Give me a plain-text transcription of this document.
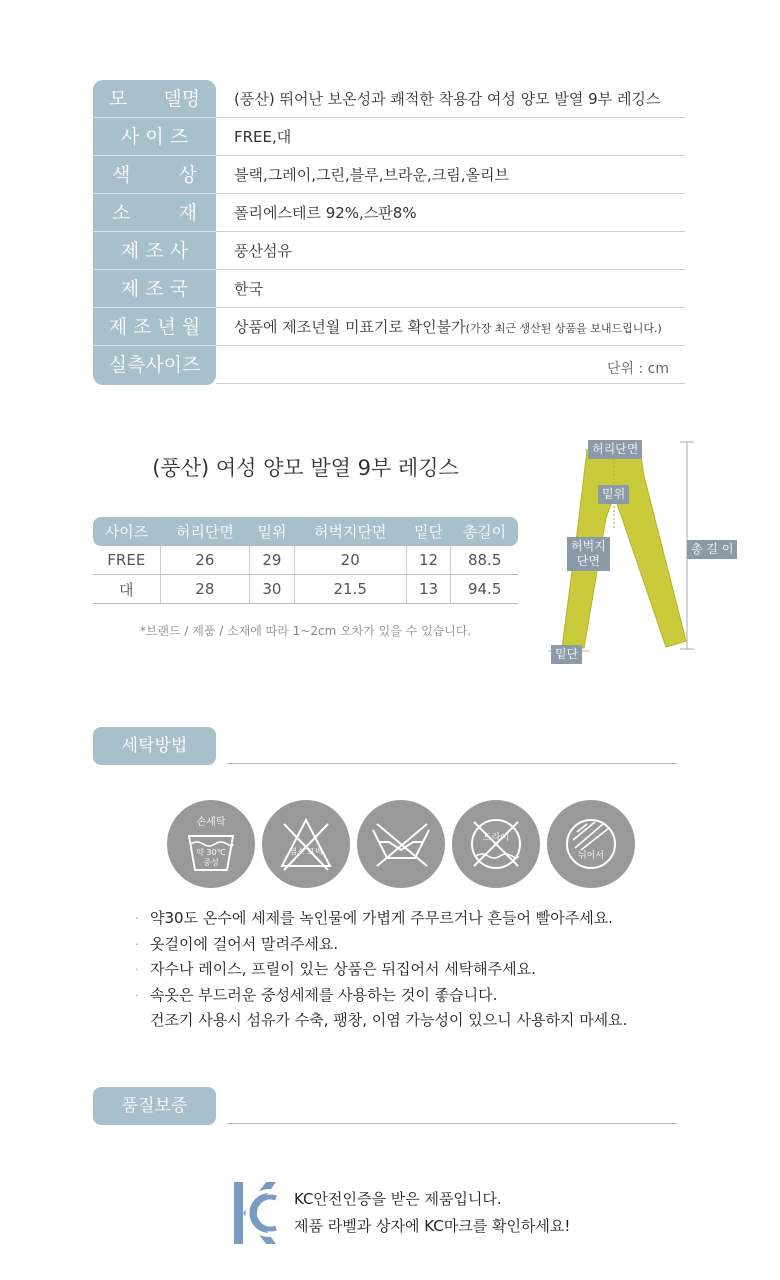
모      델명	(풍산) 뛰어난 보온성과 쾌적한 착용감 여성 양모 발열 9부 레깅스
사 이 즈	FREE,대
색        상	블랙,그레이,그린,블루,브라운,크림,올리브
소        재	폴리에스테르 92%,스판8%
제 조 사	풍산섬유
제 조 국	한국
제 조 년 월	상품에 제조년월 미표기로 확인불가(가장 최근 생산된 상품을 보내드립니다.)
실측사이즈	단위 : cm
(풍산) 여성 양모 발열 9부 레깅스
사이즈	허리단면	밑위	허벅지단면	밑단	총길이
FREE	26	29	20	12	88.5
대	28	30	21.5	13	94.5
*브랜드 / 제품 / 소재에 따라 1~2cm 오차가 있을 수 있습니다.
허리단면
밑위
허벅지
단면
밑단
총 길 이
세탁방법
손세탁
약 30℃
중성
염소 표백
드라이
뉘어서
· 약30도 온수에 세제를 녹인물에 가볍게 주무르거나 흔들어 빨아주세요.
· 옷걸이에 걸어서 말려주세요.
· 자수나 레이스, 프릴이 있는 상품은 뒤집어서 세탁해주세요.
· 속옷은 부드러운 중성세제를 사용하는 것이 좋습니다.
건조기 사용시 섬유가 수축, 팽창, 이염 가능성이 있으니 사용하지 마세요.
품질보증
KC안전인증을 받은 제품입니다.
제품 라벨과 상자에 KC마크를 확인하세요!
